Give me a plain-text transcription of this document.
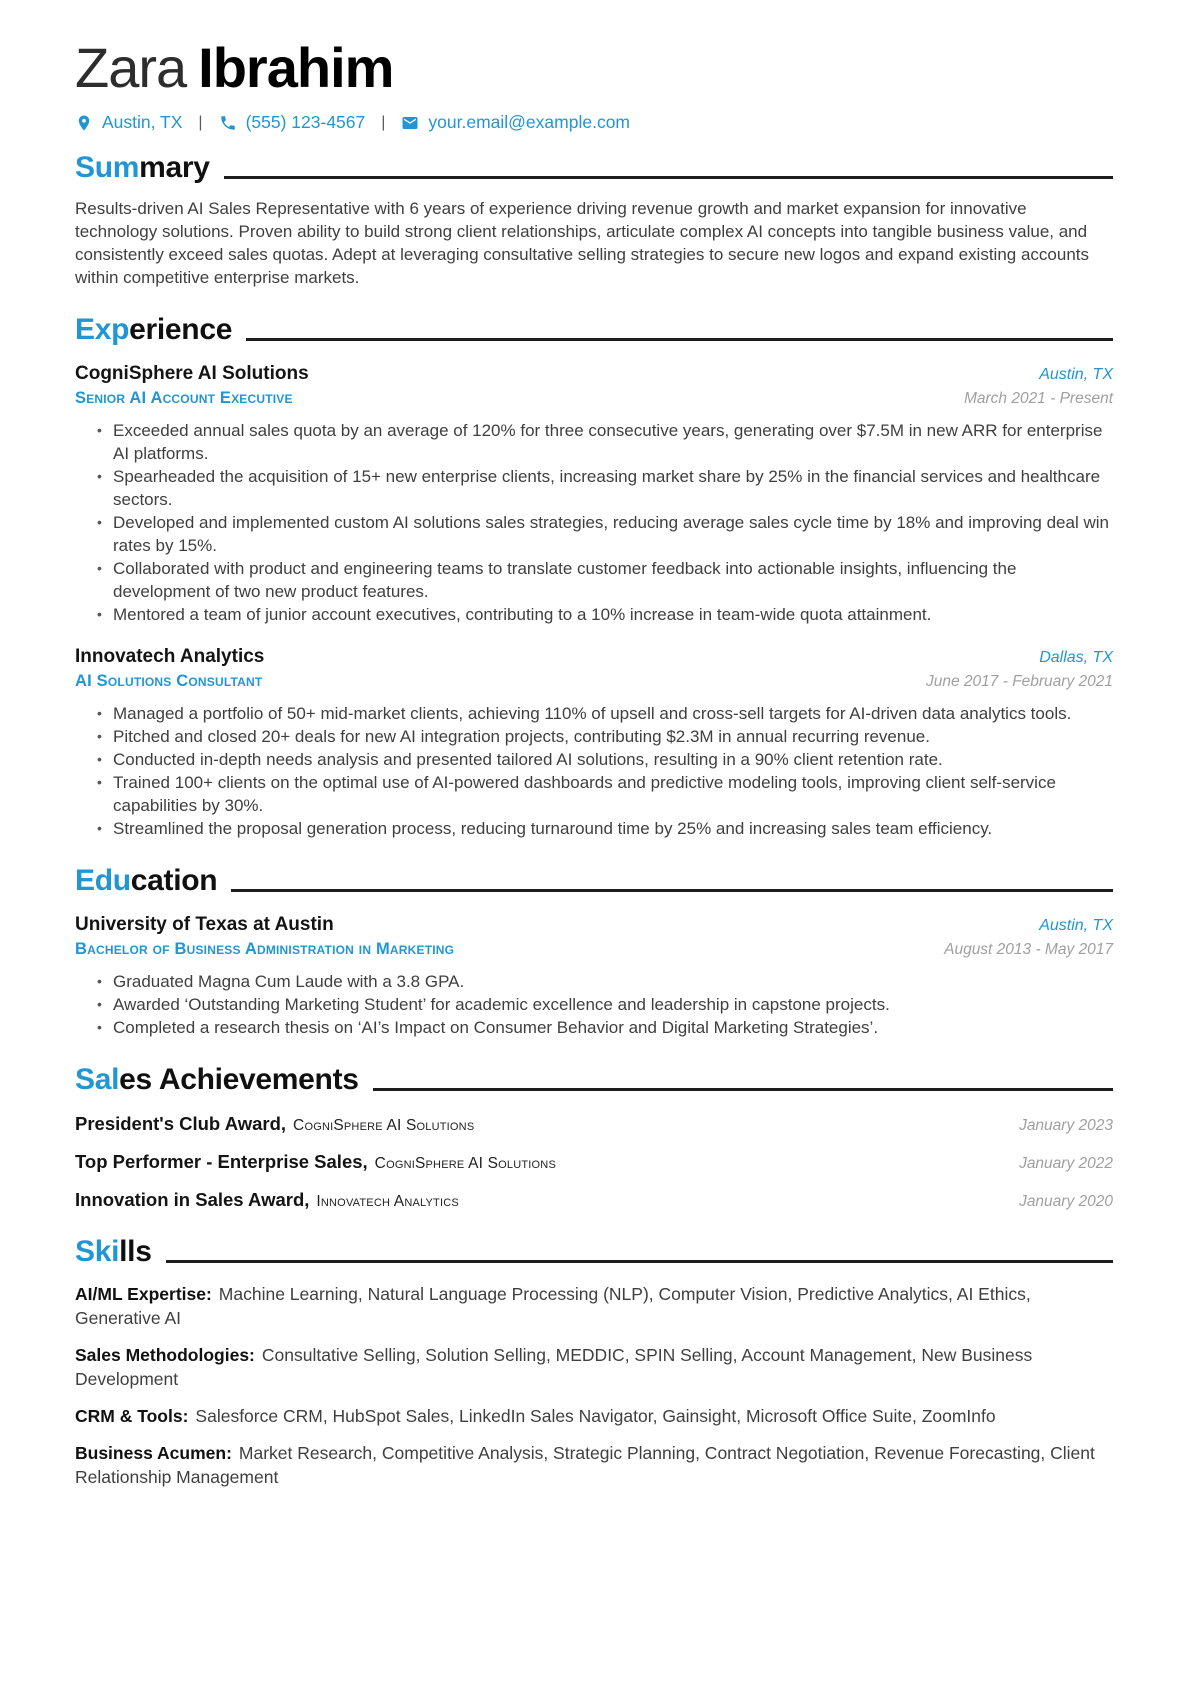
Zara Ibrahim
Austin, TX | (555) 123-4567 | your.email@example.com
Sum mary

Results-driven AI Sales Representative with 6 years of experience driving revenue growth and market expansion for innovative technology solutions. Proven ability to build strong client relationships, articulate complex AI concepts into tangible business value, and consistently exceed sales quotas. Adept at leveraging consultative selling strategies to secure new logos and expand existing accounts within competitive enterprise markets.

Exp erience
CogniSphere AI Solutions	Austin, TX
Senior AI Account Executive	March 2021 - Present
• Exceeded annual sales quota by an average of 120% for three consecutive years, generating over $7.5M in new ARR for enterprise AI platforms.
• Spearheaded the acquisition of 15+ new enterprise clients, increasing market share by 25% in the financial services and healthcare sectors.
• Developed and implemented custom AI solutions sales strategies, reducing average sales cycle time by 18% and improving deal win rates by 15%.
• Collaborated with product and engineering teams to translate customer feedback into actionable insights, influencing the development of two new product features.
• Mentored a team of junior account executives, contributing to a 10% increase in team-wide quota attainment.
Innovatech Analytics	Dallas, TX
AI Solutions Consultant	June 2017 - February 2021
• Managed a portfolio of 50+ mid-market clients, achieving 110% of upsell and cross-sell targets for AI-driven data analytics tools.
• Pitched and closed 20+ deals for new AI integration projects, contributing $2.3M in annual recurring revenue.
• Conducted in-depth needs analysis and presented tailored AI solutions, resulting in a 90% client retention rate.
• Trained 100+ clients on the optimal use of AI-powered dashboards and predictive modeling tools, improving client self-service capabilities by 30%.
• Streamlined the proposal generation process, reducing turnaround time by 25% and increasing sales team efficiency.
Edu cation
University of Texas at Austin	Austin, TX
Bachelor of Business Administration in Marketing	August 2013 - May 2017
• Graduated Magna Cum Laude with a 3.8 GPA.
• Awarded ‘Outstanding Marketing Student’ for academic excellence and leadership in capstone projects.
• Completed a research thesis on ‘AI’s Impact on Consumer Behavior and Digital Marketing Strategies’.
Sal es Achievements
President's Club Award, CogniSphere AI Solutions	January 2023
Top Performer - Enterprise Sales, CogniSphere AI Solutions	January 2022
Innovation in Sales Award, Innovatech Analytics	January 2020
Ski lls
AI/ML Expertise: Machine Learning, Natural Language Processing (NLP), Computer Vision, Predictive Analytics, AI Ethics, Generative AI
Sales Methodologies: Consultative Selling, Solution Selling, MEDDIC, SPIN Selling, Account Management, New Business Development
CRM & Tools: Salesforce CRM, HubSpot Sales, LinkedIn Sales Navigator, Gainsight, Microsoft Office Suite, ZoomInfo
Business Acumen: Market Research, Competitive Analysis, Strategic Planning, Contract Negotiation, Revenue Forecasting, Client Relationship Management
